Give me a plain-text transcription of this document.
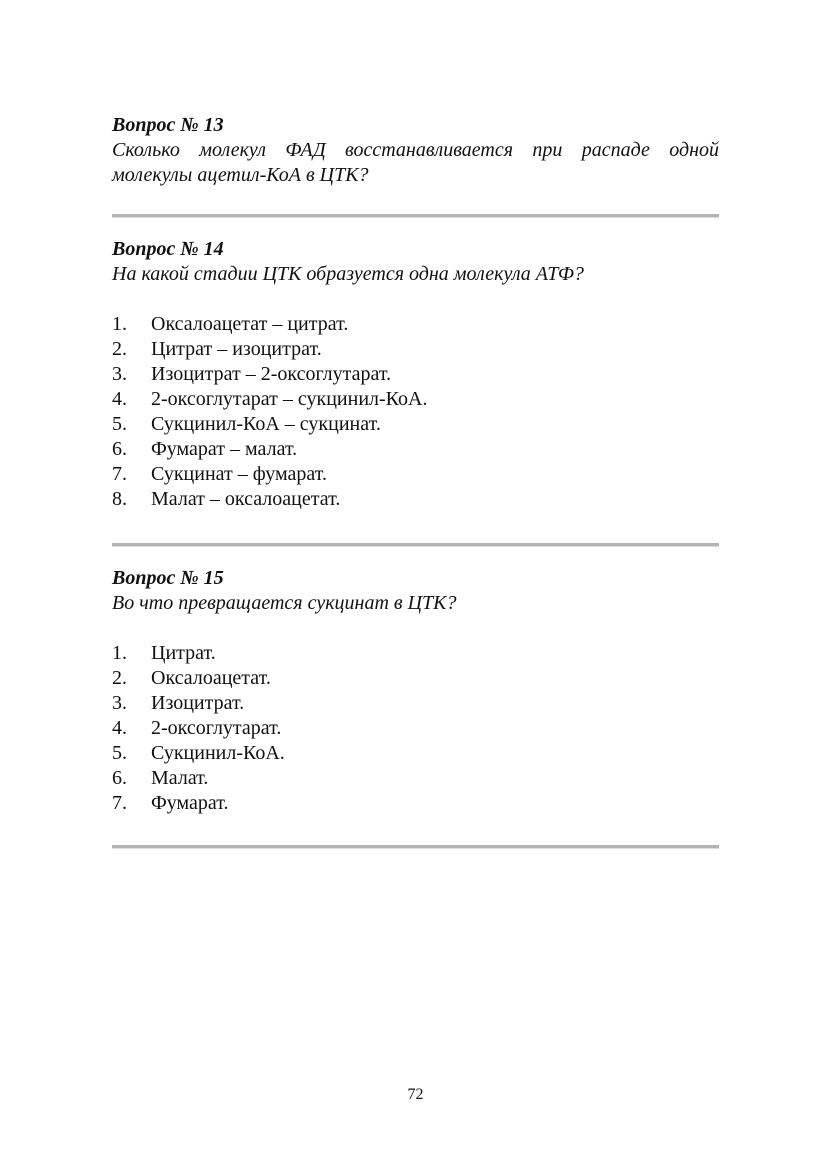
Вопрос № 13
Сколько молекул ФАД восстанавливается при распаде одной
молекулы ацетил-КоА в ЦТК?
Вопрос № 14
На какой стадии ЦТК образуется одна молекула АТФ?
1.	Оксалоацетат – цитрат.
2.	Цитрат – изоцитрат.
3.	Изоцитрат – 2-оксоглутарат.
4.	2-оксоглутарат – сукцинил-КоА.
5.	Сукцинил-КоА – сукцинат.
6.	Фумарат – малат.
7.	Сукцинат – фумарат.
8.	Малат – оксалоацетат.
Вопрос № 15
Во что превращается сукцинат в ЦТК?
1.	Цитрат.
2.	Оксалоацетат.
3.	Изоцитрат.
4.	2-оксоглутарат.
5.	Сукцинил-КоА.
6.	Малат.
7.	Фумарат.
72
